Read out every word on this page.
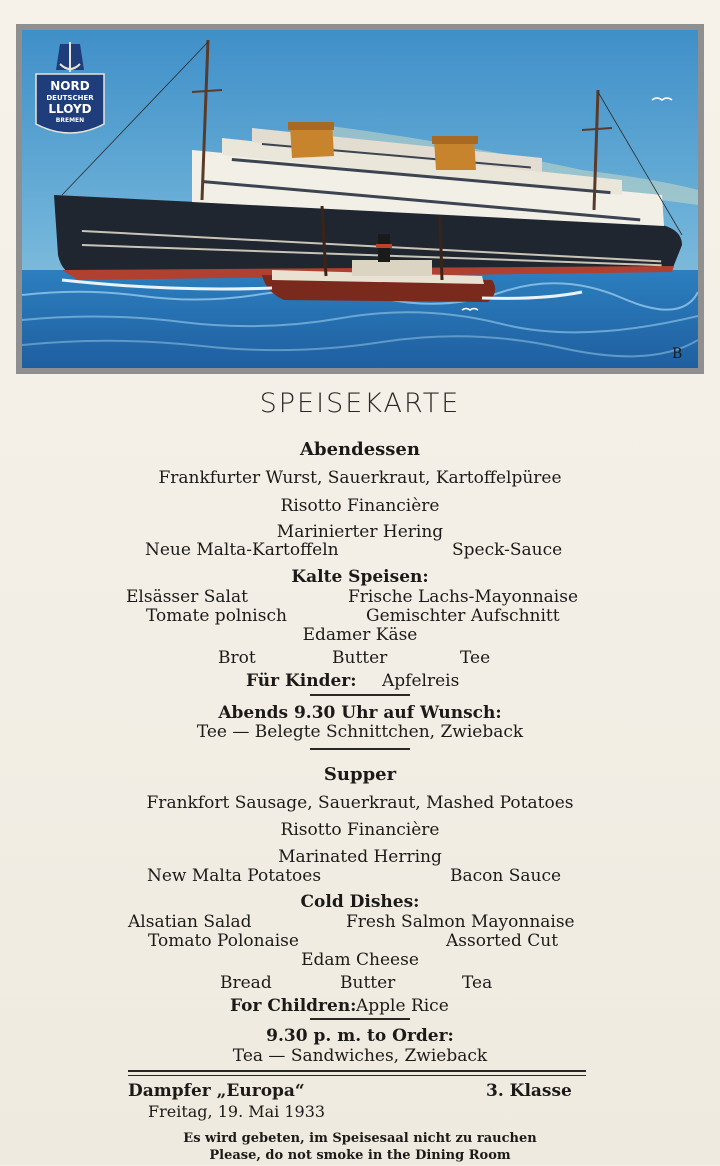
NORD
DEUTSCHER
LLOYD
BREMEN
B
SPEISEKARTE
Abendessen
Frankfurter Wurst, Sauerkraut, Kartoffelpüree
Risotto Financière
Marinierter Hering
Neue Malta-Kartoffeln	Speck-Sauce
Kalte Speisen:
Elsässer Salat	Frische Lachs-Mayonnaise
Tomate polnisch	Gemischter Aufschnitt
Edamer Käse
Brot	Butter	Tee
Für Kinder: Apfelreis
Abends 9.30 Uhr auf Wunsch:
Tee — Belegte Schnittchen, Zwieback
Supper
Frankfort Sausage, Sauerkraut, Mashed Potatoes
Risotto Financière
Marinated Herring
New Malta Potatoes	Bacon Sauce
Cold Dishes:
Alsatian Salad	Fresh Salmon Mayonnaise
Tomato Polonaise	Assorted Cut
Edam Cheese
Bread	Butter	Tea
For Children: Apple Rice
9.30 p. m. to Order:
Tea — Sandwiches, Zwieback
Dampfer „Europa“	3. Klasse
Freitag, 19. Mai 1933
Es wird gebeten, im Speisesaal nicht zu rauchen
Please, do not smoke in the Dining Room
